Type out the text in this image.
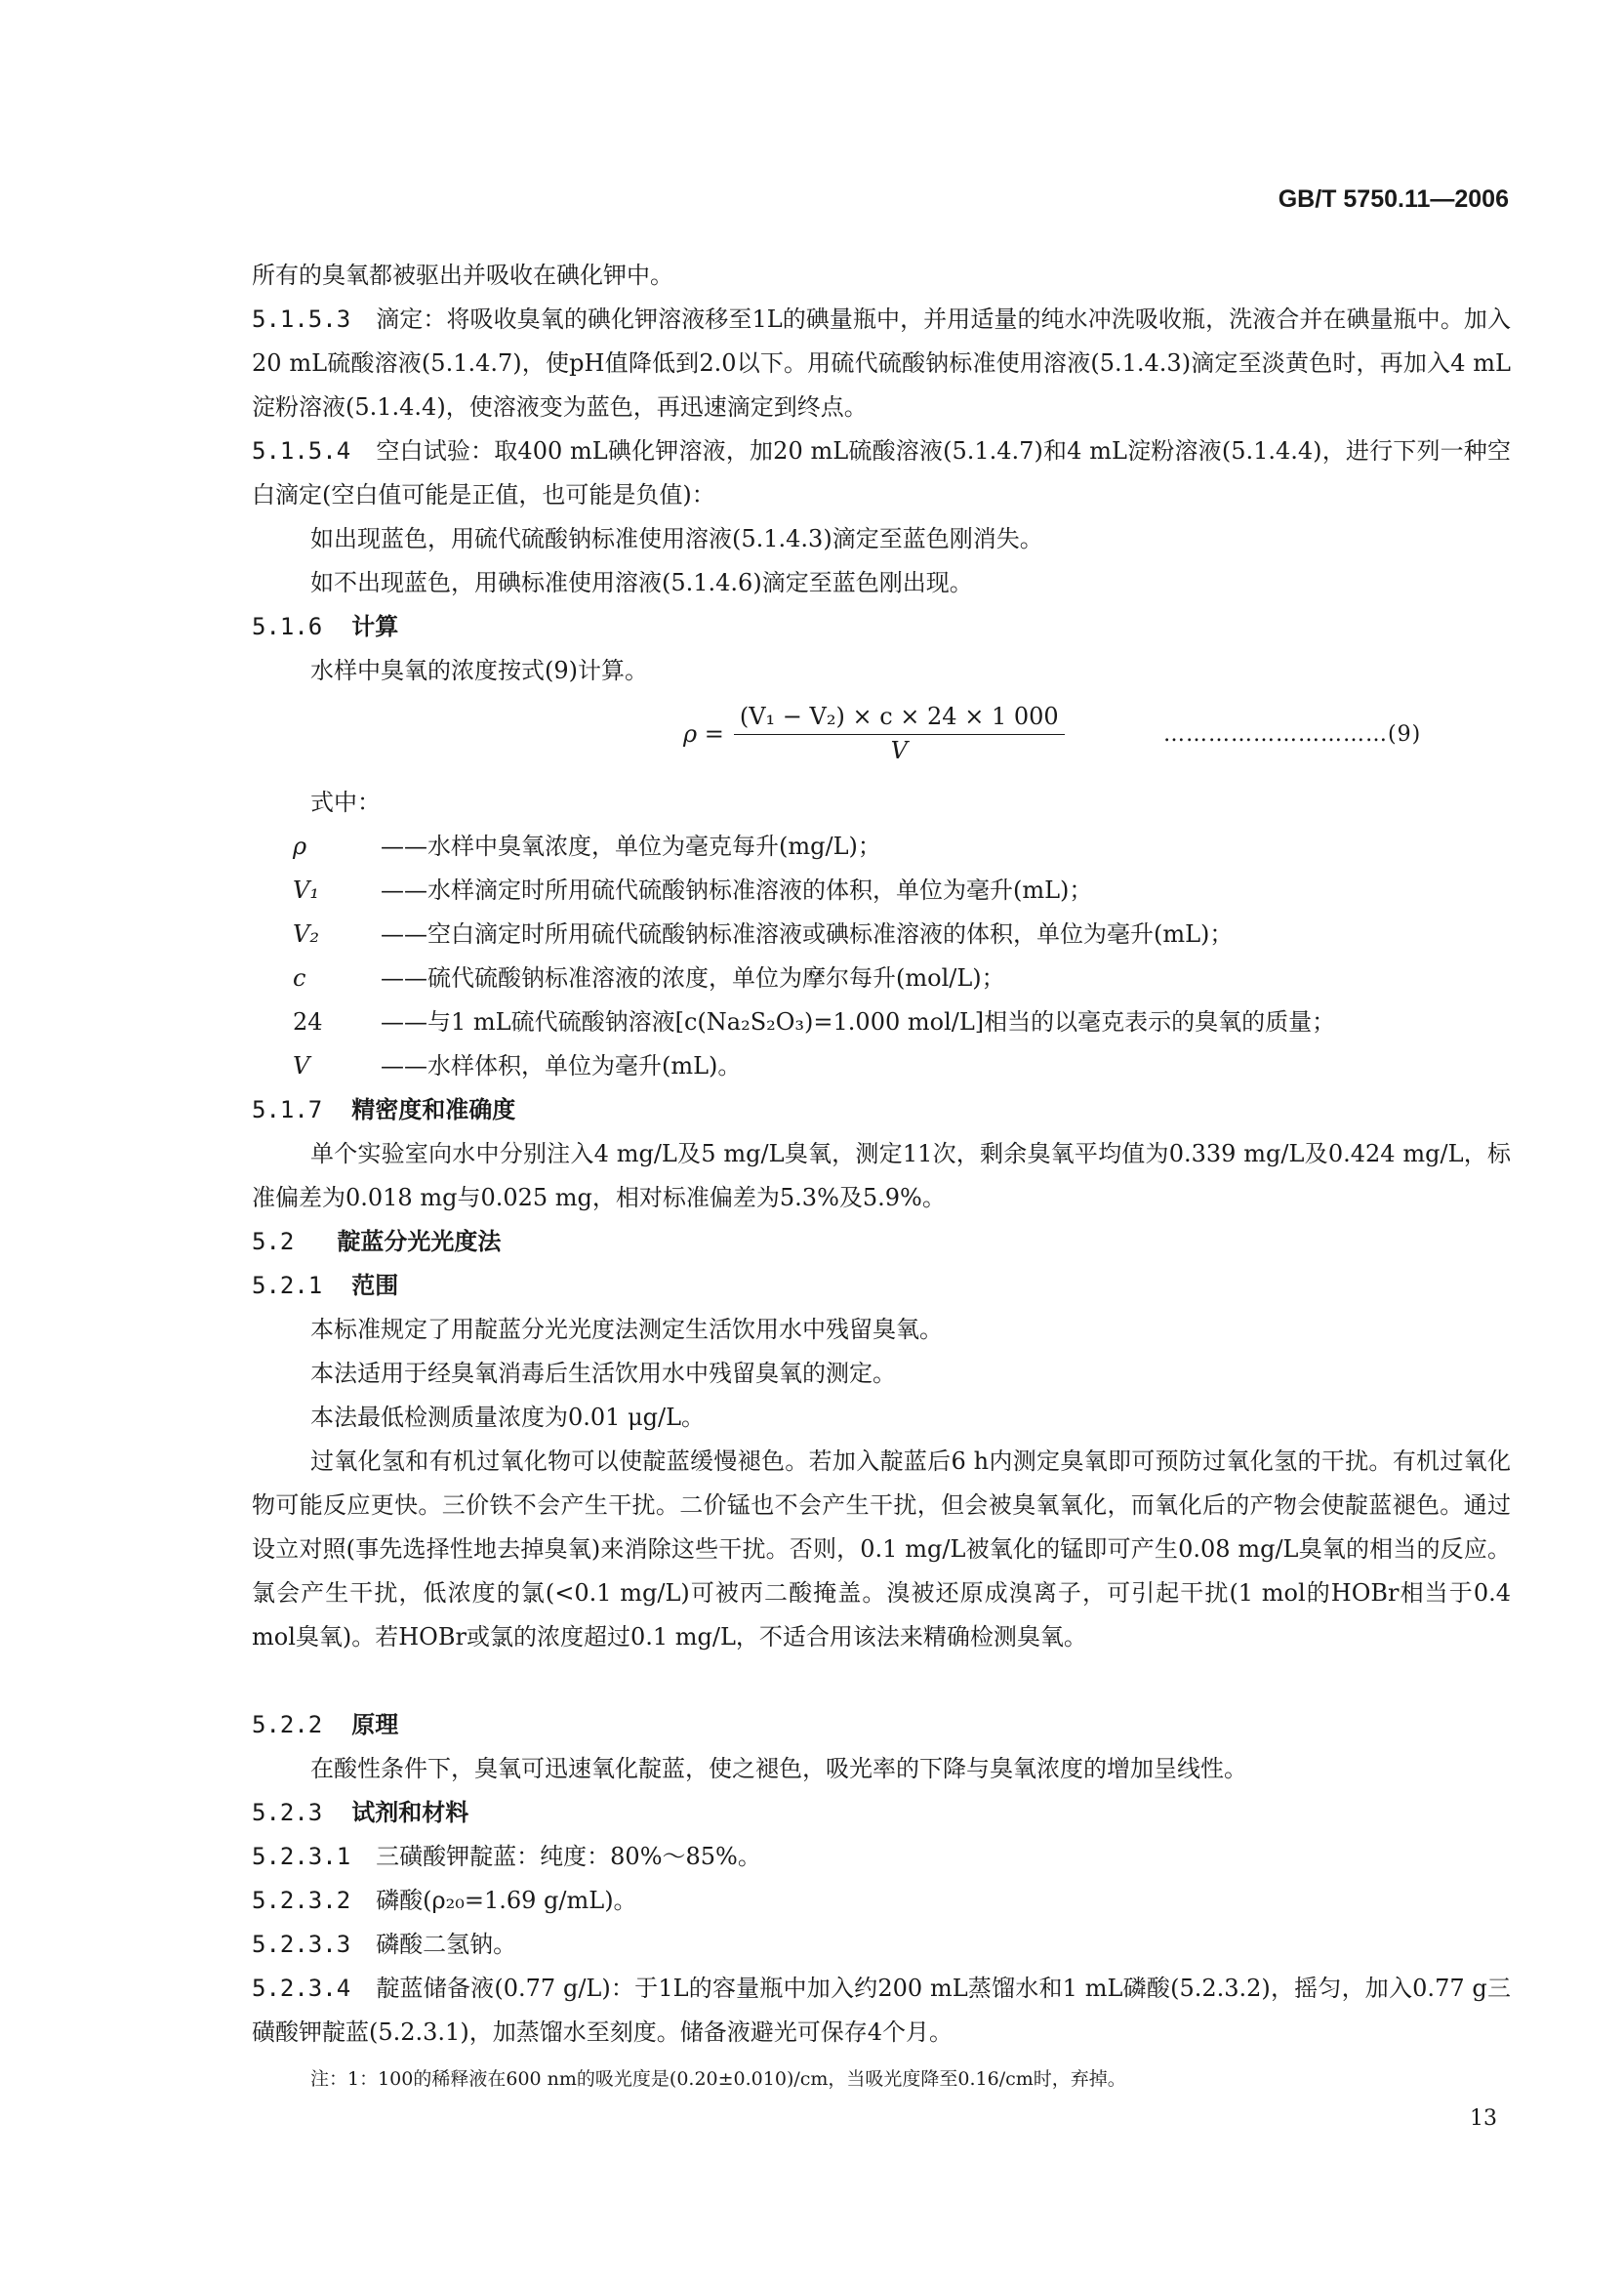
GB/T 5750.11—2006

所有的臭氧都被驱出并吸收在碘化钾中。

5.1.5.3 滴定：将吸收臭氧的碘化钾溶液移至1L的碘量瓶中，并用适量的纯水冲洗吸收瓶，洗液合并在碘量瓶中。加入20 mL硫酸溶液(5.1.4.7)，使pH值降低到2.0以下。用硫代硫酸钠标准使用溶液(5.1.4.3)滴定至淡黄色时，再加入4 mL淀粉溶液(5.1.4.4)，使溶液变为蓝色，再迅速滴定到终点。

5.1.5.4 空白试验：取400 mL碘化钾溶液，加20 mL硫酸溶液(5.1.4.7)和4 mL淀粉溶液(5.1.4.4)，进行下列一种空白滴定(空白值可能是正值，也可能是负值)：

如出现蓝色，用硫代硫酸钠标准使用溶液(5.1.4.3)滴定至蓝色刚消失。

如不出现蓝色，用碘标准使用溶液(5.1.4.6)滴定至蓝色刚出现。

5.1.6 计算

水样中臭氧的浓度按式(9)计算。

$\rho = \frac{\text{(V₁ − V₂) × c × 24 × 1 000}}{V}$	…………………………(9)
式中：
ρ	——水样中臭氧浓度，单位为毫克每升(mg/L)；
V₁	——水样滴定时所用硫代硫酸钠标准溶液的体积，单位为毫升(mL)；
V₂	——空白滴定时所用硫代硫酸钠标准溶液或碘标准溶液的体积，单位为毫升(mL)；
c	——硫代硫酸钠标准溶液的浓度，单位为摩尔每升(mol/L)；
24	——与1 mL硫代硫酸钠溶液[c(Na₂S₂O₃)=1.000 mol/L]相当的以毫克表示的臭氧的质量；
V	——水样体积，单位为毫升(mL)。
5.1.7 精密度和准确度

单个实验室向水中分别注入4 mg/L及5 mg/L臭氧，测定11次，剩余臭氧平均值为0.339 mg/L及0.424 mg/L，标准偏差为0.018 mg与0.025 mg，相对标准偏差为5.3%及5.9%。

5.2 靛蓝分光光度法
5.2.1 范围

本标准规定了用靛蓝分光光度法测定生活饮用水中残留臭氧。

本法适用于经臭氧消毒后生活饮用水中残留臭氧的测定。

本法最低检测质量浓度为0.01 μg/L。

过氧化氢和有机过氧化物可以使靛蓝缓慢褪色。若加入靛蓝后6 h内测定臭氧即可预防过氧化氢的干扰。有机过氧化物可能反应更快。三价铁不会产生干扰。二价锰也不会产生干扰，但会被臭氧氧化，而氧化后的产物会使靛蓝褪色。通过设立对照(事先选择性地去掉臭氧)来消除这些干扰。否则，0.1 mg/L被氧化的锰即可产生0.08 mg/L臭氧的相当的反应。氯会产生干扰，低浓度的氯(<0.1 mg/L)可被丙二酸掩盖。溴被还原成溴离子，可引起干扰(1 mol的HOBr相当于0.4 mol臭氧)。若HOBr或氯的浓度超过0.1 mg/L，不适合用该法来精确检测臭氧。

5.2.2 原理

在酸性条件下，臭氧可迅速氧化靛蓝，使之褪色，吸光率的下降与臭氧浓度的增加呈线性。

5.2.3 试剂和材料

5.2.3.1 三磺酸钾靛蓝：纯度：80%～85%。

5.2.3.2 磷酸(ρ₂₀=1.69 g/mL)。

5.2.3.3 磷酸二氢钠。

5.2.3.4 靛蓝储备液(0.77 g/L)：于1L的容量瓶中加入约200 mL蒸馏水和1 mL磷酸(5.2.3.2)，摇匀，加入0.77 g三磺酸钾靛蓝(5.2.3.1)，加蒸馏水至刻度。储备液避光可保存4个月。

注：1：100的稀释液在600 nm的吸光度是(0.20±0.010)/cm，当吸光度降至0.16/cm时，弃掉。
13
